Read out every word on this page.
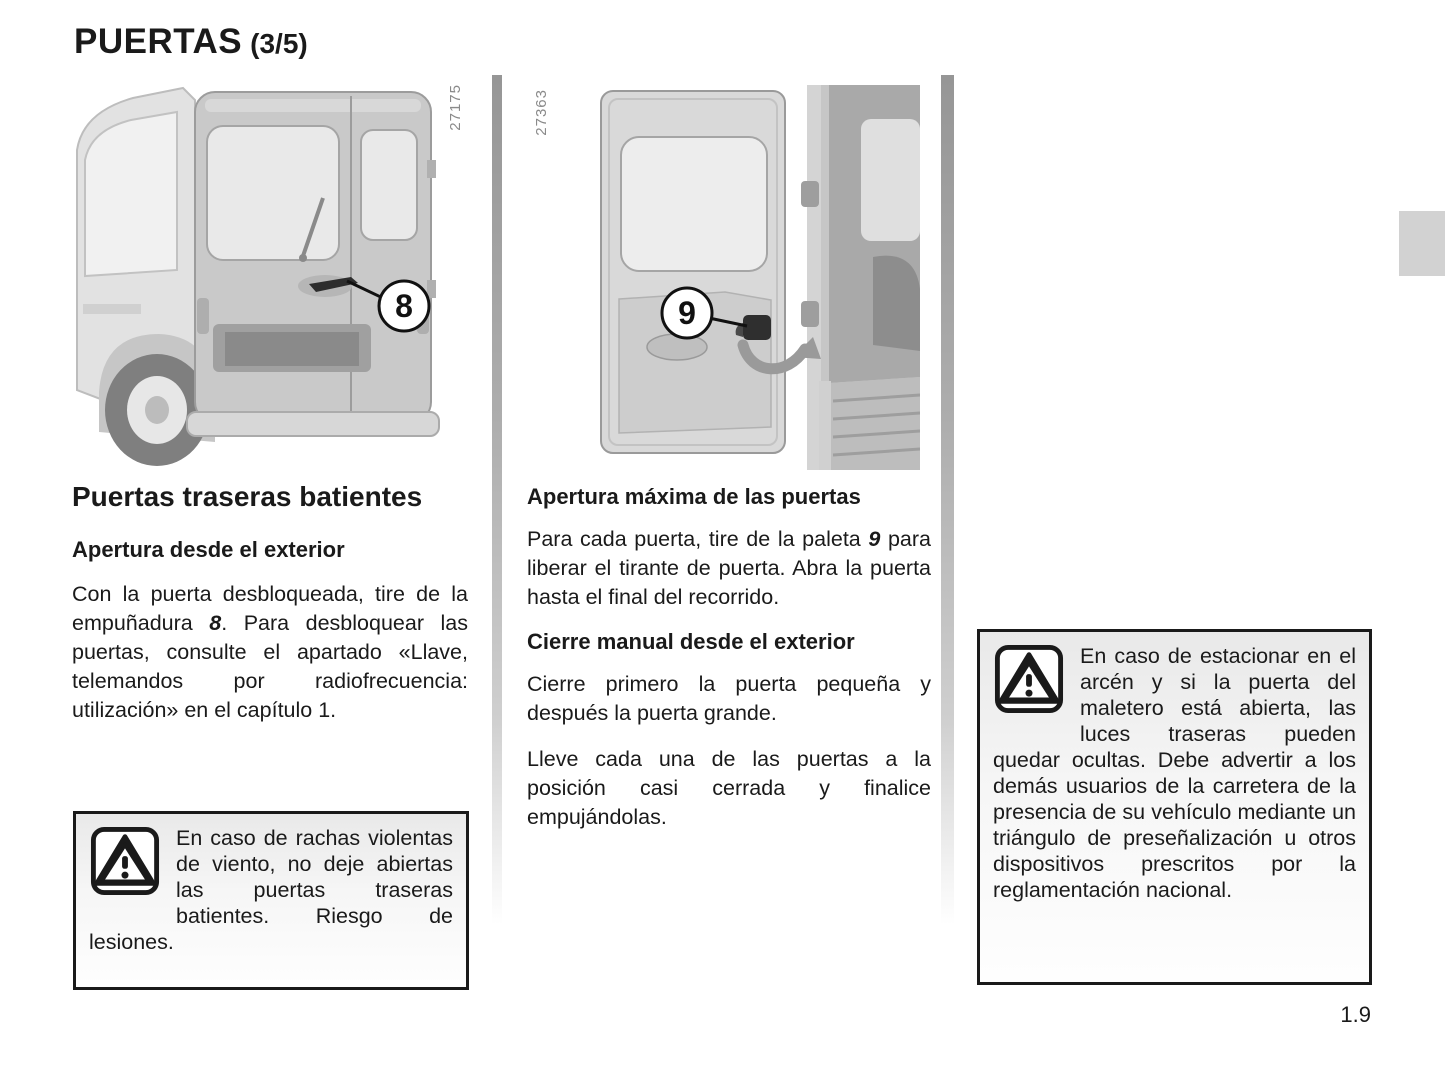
PUERTAS (3/5)
8
27175
9
27363
Puertas traseras batientes
Apertura desde el exterior

Con la puerta desbloqueada, tire de la empuñadura 8. Para desbloquear las puertas, consulte el apartado «Llave, telemandos por radiofrecuencia: utilización» en el capítulo 1.

En caso de rachas violentas de viento, no deje abiertas las puertas traseras batientes. Riesgo de lesiones.

Apertura máxima de las puertas

Para cada puerta, tire de la paleta 9 para liberar el tirante de puerta. Abra la puerta hasta el final del recorrido.

Cierre manual desde el exterior

Cierre primero la puerta pequeña y después la puerta grande.

Lleve cada una de las puertas a la posición casi cerrada y finalice empujándolas.

En caso de estacionar en el arcén y si la puerta del maletero está abierta, las luces traseras pueden quedar ocultas. Debe advertir a los demás usuarios de la carretera de la presencia de su vehículo mediante un triángulo de preseñalización u otros dispositivos prescritos por la reglamentación nacional.

1.9
